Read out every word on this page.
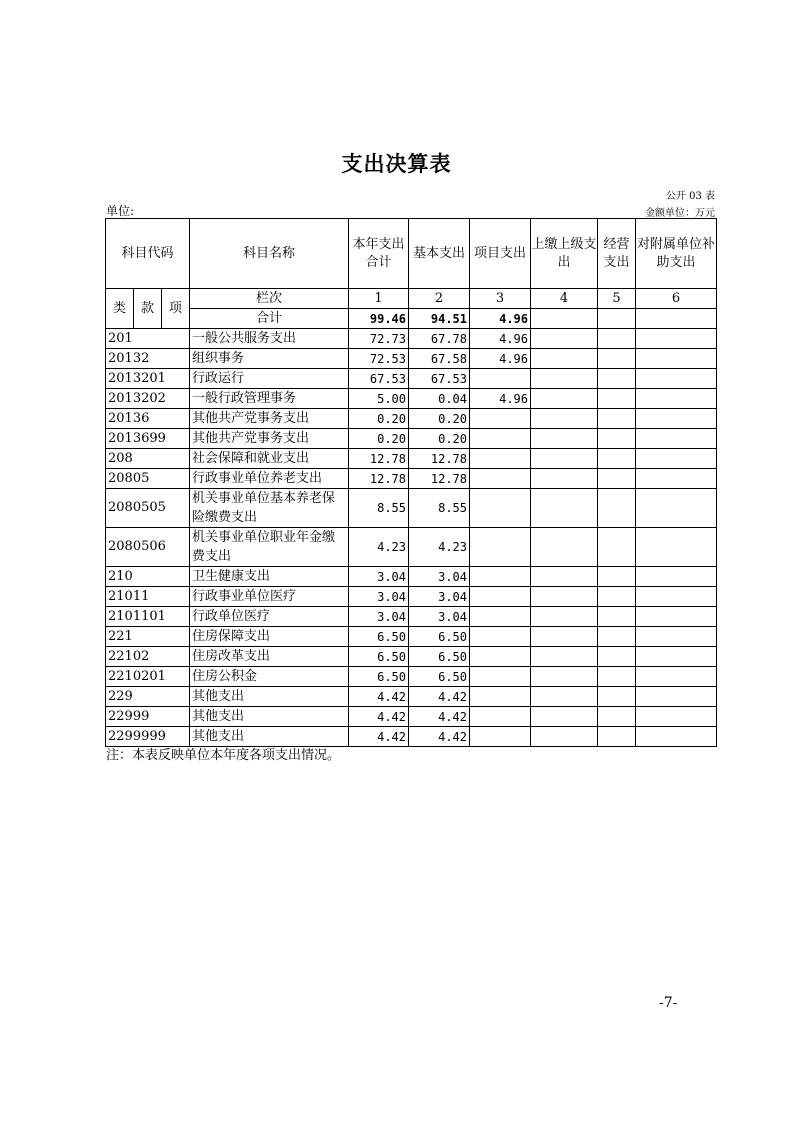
支出决算表
公开 03 表
单位:	金额单位：万元
科目代码			科目名称	本年支出合计	基本支出	项目支出	上缴上级支出	经营支出	对附属单位补助支出
类	款	项	栏次	1	2	3	4	5	6
			合计	99.46	94.51	4.96			
201			一般公共服务支出	72.73	67.78	4.96			
20132			组织事务	72.53	67.58	4.96			
2013201			行政运行	67.53	67.53				
2013202			一般行政管理事务	5.00	0.04	4.96			
20136			其他共产党事务支出	0.20	0.20				
2013699			其他共产党事务支出	0.20	0.20				
208			社会保障和就业支出	12.78	12.78				
20805			行政事业单位养老支出	12.78	12.78				
2080505			机关事业单位基本养老保险缴费支出	8.55	8.55				
2080506			机关事业单位职业年金缴费支出	4.23	4.23				
210			卫生健康支出	3.04	3.04				
21011			行政事业单位医疗	3.04	3.04				
2101101			行政单位医疗	3.04	3.04				
221			住房保障支出	6.50	6.50				
22102			住房改革支出	6.50	6.50				
2210201			住房公积金	6.50	6.50				
229			其他支出	4.42	4.42				
22999			其他支出	4.42	4.42				
2299999			其他支出	4.42	4.42				
注：本表反映单位本年度各项支出情况。
-7-
